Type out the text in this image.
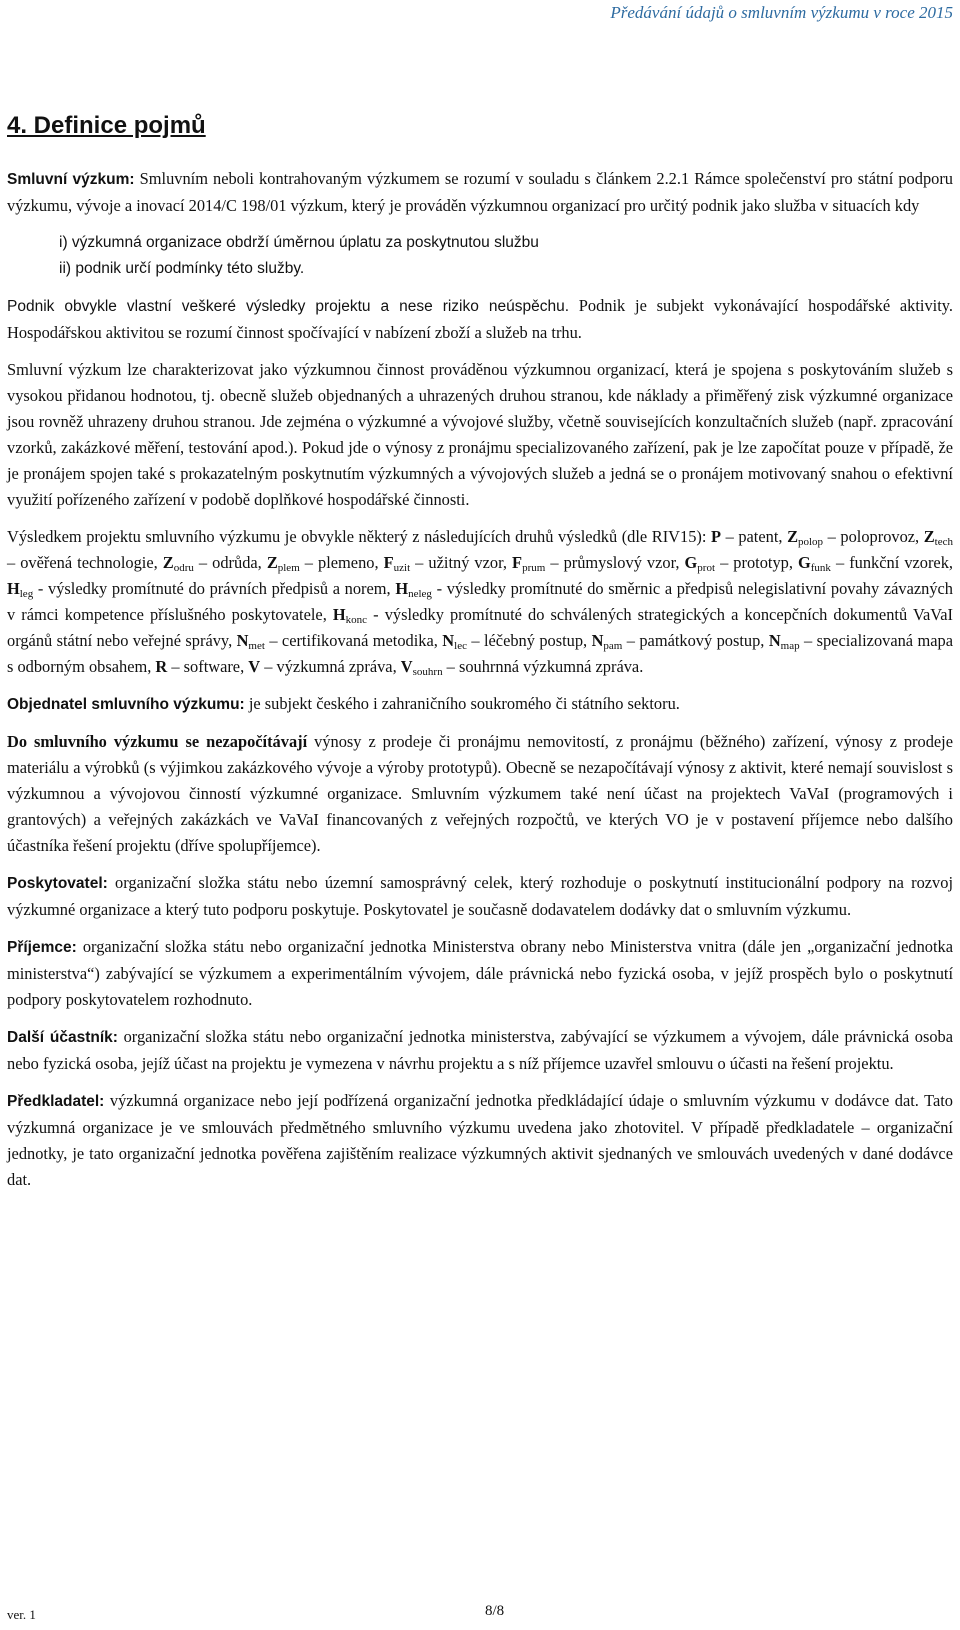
Předávání údajů o smluvním výzkumu v roce 2015
4. Definice pojmů

Smluvní výzkum: Smluvním neboli kontrahovaným výzkumem se rozumí v souladu s článkem 2.2.1 Rámce společenství pro státní podporu výzkumu, vývoje a inovací 2014/C 198/01 výzkum, který je prováděn výzkumnou organizací pro určitý podnik jako služba v situacích kdy

i) výzkumná organizace obdrží úměrnou úplatu za poskytnutou službu
ii) podnik určí podmínky této služby.

Podnik obvykle vlastní veškeré výsledky projektu a nese riziko neúspěchu. Podnik je subjekt vykonávající hospodářské aktivity. Hospodářskou aktivitou se rozumí činnost spočívající v nabízení zboží a služeb na trhu.

Smluvní výzkum lze charakterizovat jako výzkumnou činnost prováděnou výzkumnou organizací, která je spojena s poskytováním služeb s vysokou přidanou hodnotou, tj. obecně služeb objednaných a uhrazených druhou stranou, kde náklady a přiměřený zisk výzkumné organizace jsou rovněž uhrazeny druhou stranou. Jde zejména o výzkumné a vývojové služby, včetně souvisejících konzultačních služeb (např. zpracování vzorků, zakázkové měření, testování apod.). Pokud jde o výnosy z pronájmu specializovaného zařízení, pak je lze započítat pouze v případě, že je pronájem spojen také s prokazatelným poskytnutím výzkumných a vývojových služeb a jedná se o pronájem motivovaný snahou o efektivní využití pořízeného zařízení v podobě doplňkové hospodářské činnosti.

Výsledkem projektu smluvního výzkumu je obvykle některý z následujících druhů výsledků (dle RIV15): P – patent, $Z_{polop}$ – poloprovoz, $Z_{tech}$ – ověřená technologie, $Z_{odru}$ – odrůda, $Z_{plem}$ – plemeno, $F_{uzit}$ – užitný vzor, $F_{prum}$ – průmyslový vzor, $G_{prot}$ – prototyp, $G_{funk}$ – funkční vzorek, $H_{leg}$ - výsledky promítnuté do právních předpisů a norem, $H_{neleg}$ - výsledky promítnuté do směrnic a předpisů nelegislativní povahy závazných v rámci kompetence příslušného poskytovatele, $H_{konc}$ - výsledky promítnuté do schválených strategických a koncepčních dokumentů VaVaI orgánů státní nebo veřejné správy, $N_{met}$ – certifikovaná metodika, $N_{lec}$ – léčebný postup, $N_{pam}$ – památkový postup, $N_{map}$ – specializovaná mapa s odborným obsahem, R – software, V – výzkumná zpráva, $V_{souhrn}$ – souhrnná výzkumná zpráva.

Objednatel smluvního výzkumu: je subjekt českého i zahraničního soukromého či státního sektoru.

Do smluvního výzkumu se nezapočítávají výnosy z prodeje či pronájmu nemovitostí, z pronájmu (běžného) zařízení, výnosy z prodeje materiálu a výrobků (s výjimkou zakázkového vývoje a výroby prototypů). Obecně se nezapočítávají výnosy z aktivit, které nemají souvislost s výzkumnou a vývojovou činností výzkumné organizace. Smluvním výzkumem také není účast na projektech VaVaI (programových i grantových) a veřejných zakázkách ve VaVaI financovaných z veřejných rozpočtů, ve kterých VO je v postavení příjemce nebo dalšího účastníka řešení projektu (dříve spolupříjemce).

Poskytovatel: organizační složka státu nebo územní samosprávný celek, který rozhoduje o poskytnutí institucionální podpory na rozvoj výzkumné organizace a který tuto podporu poskytuje. Poskytovatel je současně dodavatelem dodávky dat o smluvním výzkumu.

Příjemce: organizační složka státu nebo organizační jednotka Ministerstva obrany nebo Ministerstva vnitra (dále jen „organizační jednotka ministerstva“) zabývající se výzkumem a experimentálním vývojem, dále právnická nebo fyzická osoba, v jejíž prospěch bylo o poskytnutí podpory poskytovatelem rozhodnuto.

Další účastník: organizační složka státu nebo organizační jednotka ministerstva, zabývající se výzkumem a vývojem, dále právnická osoba nebo fyzická osoba, jejíž účast na projektu je vymezena v návrhu projektu a s níž příjemce uzavřel smlouvu o účasti na řešení projektu.

Předkladatel: výzkumná organizace nebo její podřízená organizační jednotka předkládající údaje o smluvním výzkumu v dodávce dat. Tato výzkumná organizace je ve smlouvách předmětného smluvního výzkumu uvedena jako zhotovitel. V případě předkladatele – organizační jednotky, je tato organizační jednotka pověřena zajištěním realizace výzkumných aktivit sjednaných ve smlouvách uvedených v dané dodávce dat.

ver. 1	8/8
